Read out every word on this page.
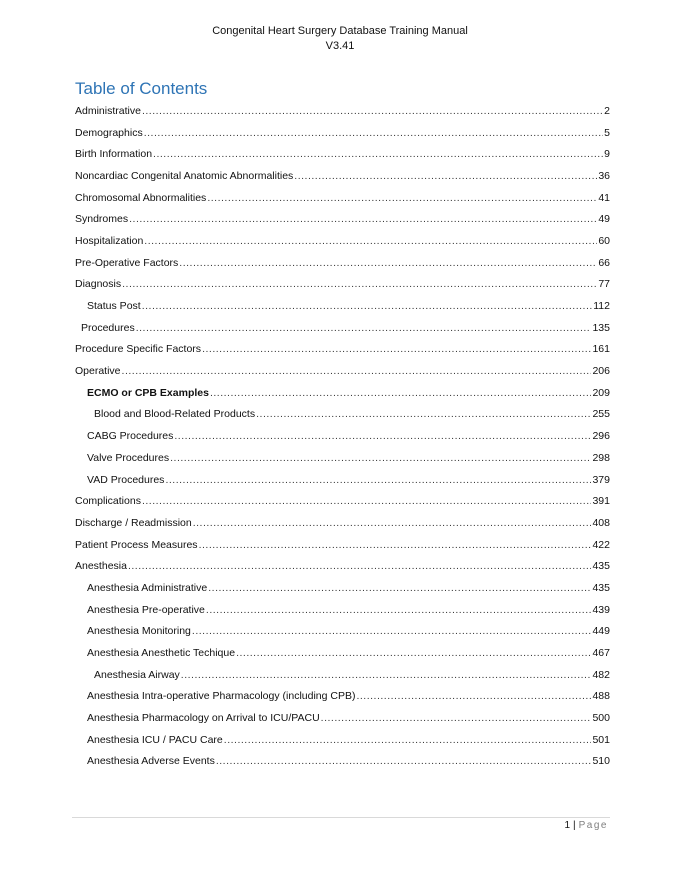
Congenital Heart Surgery Database Training Manual
V3.41
Table of Contents
Administrative .....	2
Demographics .....	5
Birth Information .....	9
Noncardiac Congenital Anatomic Abnormalities .....	36
Chromosomal Abnormalities .....	41
Syndromes .....	49
Hospitalization .....	60
Pre-Operative Factors .....	66
Diagnosis .....	77
Status Post .....	112
Procedures .....	135
Procedure Specific Factors .....	161
Operative .....	206
ECMO or CPB Examples .....	209
Blood and Blood-Related Products .....	255
CABG Procedures .....	296
Valve Procedures .....	298
VAD Procedures .....	379
Complications .....	391
Discharge / Readmission .....	408
Patient Process Measures .....	422
Anesthesia .....	435
Anesthesia Administrative .....	435
Anesthesia Pre-operative .....	439
Anesthesia Monitoring .....	449
Anesthesia Anesthetic Techique .....	467
Anesthesia Airway .....	482
Anesthesia Intra-operative Pharmacology (including CPB) .....	488
Anesthesia Pharmacology on Arrival to ICU/PACU .....	500
Anesthesia ICU / PACU Care .....	501
Anesthesia Adverse Events .....	510
1 | Page
